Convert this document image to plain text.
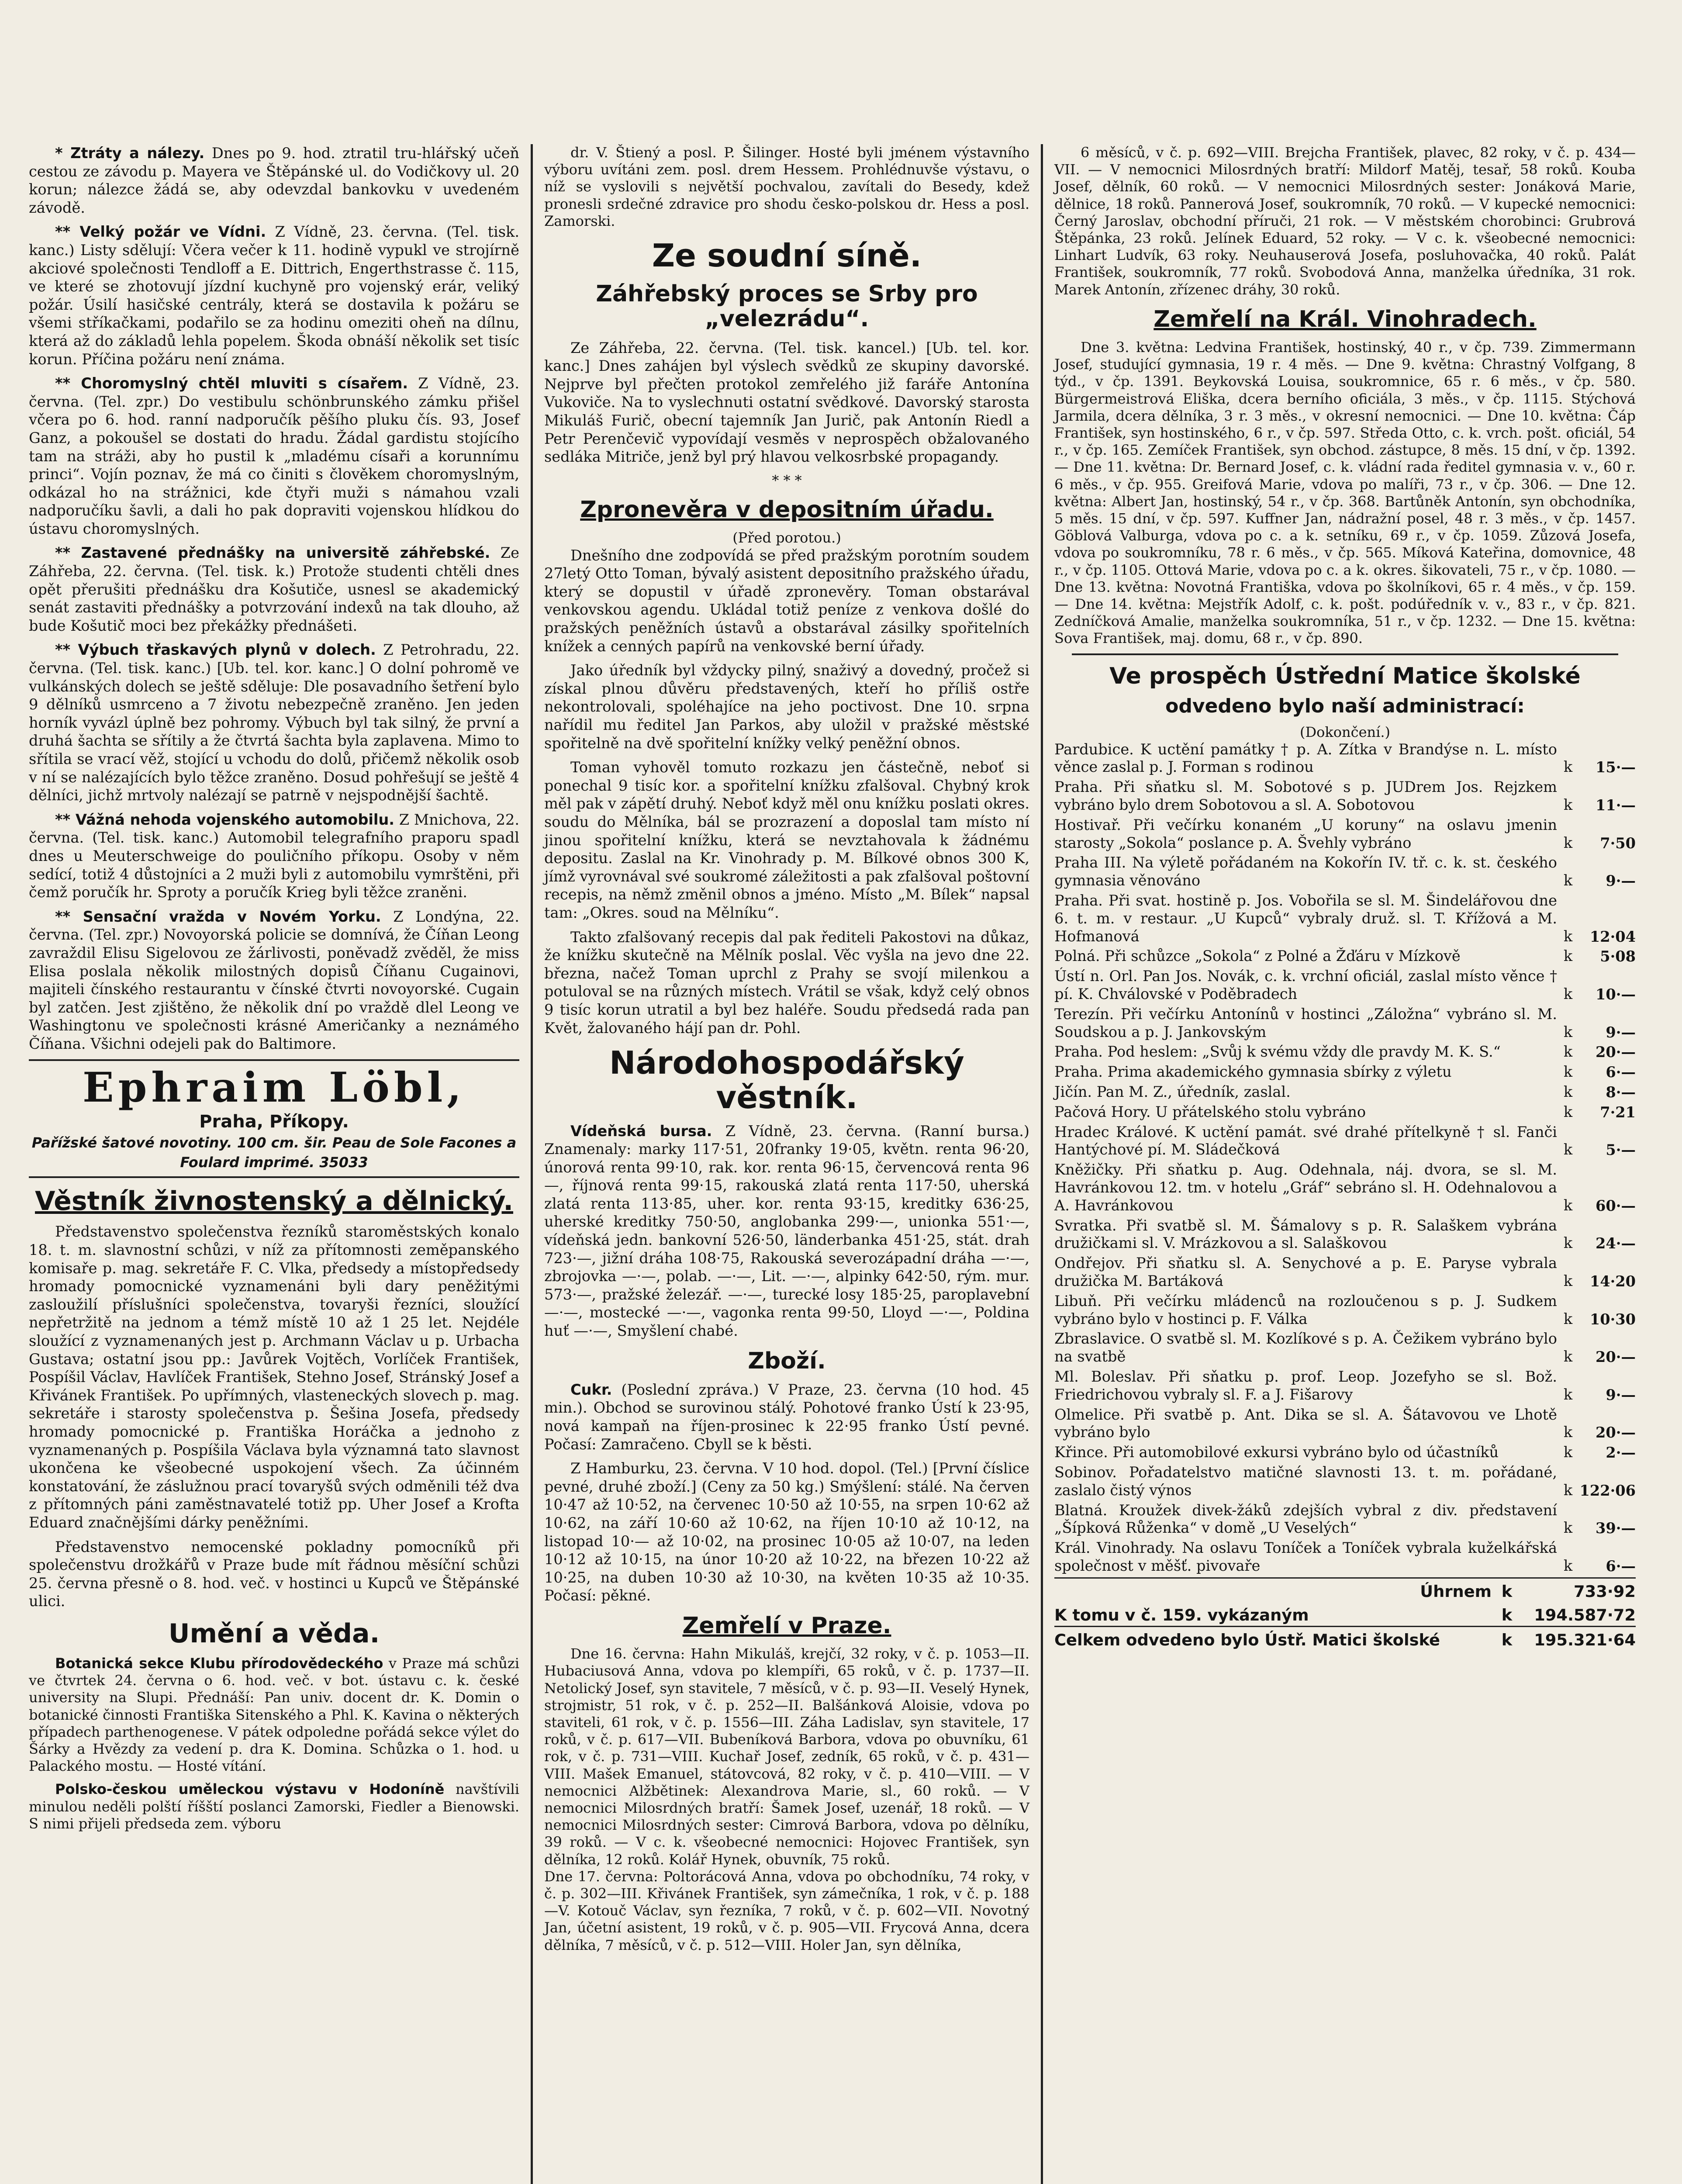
* Ztráty a nálezy. Dnes po 9. hod. ztratil tru-hlářský učeň cestou ze závodu p. Mayera ve Štěpánské ul. do Vodičkovy ul. 20 korun; nálezce žádá se, aby odevzdal bankovku v uvedeném závodě.

** Velký požár ve Vídni. Z Vídně, 23. června. (Tel. tisk. kanc.) Listy sdělují: Včera večer k 11. hodině vypukl ve strojírně akciové společnosti Tendloff a E. Dittrich, Engerthstrasse č. 115, ve které se zhotovují jízdní kuchyně pro vojenský erár, veliký požár. Úsilí hasičské centrály, která se dostavila k požáru se všemi stříkačkami, podařilo se za hodinu omeziti oheň na dílnu, která až do základů lehla popelem. Škoda obnáší několik set tisíc korun. Příčina požáru není známa.

** Choromyslný chtěl mluviti s císařem. Z Vídně, 23. června. (Tel. zpr.) Do vestibulu schönbrunského zámku přišel včera po 6. hod. ranní nadporučík pěšího pluku čís. 93, Josef Ganz, a pokoušel se dostati do hradu. Žádal gardistu stojícího tam na stráži, aby ho pustil k „mladému císaři a korunnímu princi“. Vojín poznav, že má co činiti s člověkem choromyslným, odkázal ho na strážnici, kde čtyři muži s námahou vzali nadporučíku šavli, a dali ho pak dopraviti vojenskou hlídkou do ústavu choromyslných.

** Zastavené přednášky na universitě záhřebské. Ze Záhřeba, 22. června. (Tel. tisk. k.) Protože studenti chtěli dnes opět přerušiti přednášku dra Košutiče, usnesl se akademický senát zastaviti přednášky a potvrzování indexů na tak dlouho, až bude Košutič moci bez překážky přednášeti.

** Výbuch třaskavých plynů v dolech. Z Petrohradu, 22. června. (Tel. tisk. kanc.) [Ub. tel. kor. kanc.] O dolní pohromě ve vulkánských dolech se ještě sděluje: Dle posavadního šetření bylo 9 dělníků usmrceno a 7 životu nebezpečně zraněno. Jen jeden horník vyvázl úplně bez pohromy. Výbuch byl tak silný, že první a druhá šachta se sřítily a že čtvrtá šachta byla zaplavena. Mimo to sřítila se vrací věž, stojící u vchodu do dolů, přičemž několik osob v ní se nalézajících bylo těžce zraněno. Dosud pohřešují se ještě 4 dělníci, jichž mrtvoly naléza​jí se patrně v nejspodnější šachtě.

** Vážná nehoda vojenského automobilu. Z Mnichova, 22. června. (Tel. tisk. kanc.) Automobil telegrafního praporu spadl dnes u Meuterschweige do pouličního příkopu. Osoby v něm sedící, totiž 4 důstojníci a 2 muži byli z automobilu vymrštěni, při čemž poručík hr. Sproty a poručík Krieg byli těžce zraněni.

** Sensační vražda v Novém Yorku. Z Londýna, 22. června. (Tel. zpr.) Novoyorská policie se domnívá, že Číňan Leong zavraždil Elisu Sigelovou ze žárlivosti, poněvadž zvěděl, že miss Elisa poslala několik milostných dopisů Číňanu Cugainovi, majiteli čínského restaurantu v čínské čtvrti novoyorské. Cugain byl zatčen. Jest zjištěno, že několik dní po vraždě dlel Leong ve Washingtonu ve společnosti krásné Američanky a neznámého Číňana. Všichni odejeli pak do Baltimore.

Ephraim Löbl,
Praha, Příkopy.
Pařížské šatové novotiny. 100 cm. šir. Peau de Sole Facones a Foulard imprimé. 35033
Věstník živnostenský a dělnický.

Představenstvo společenstva řezníků staroměstských konalo 18. t. m. slavnostní schůzi, v níž za přítomnosti zeměpanského komisaře p. mag. sekretáře F. C. Vlka, předsedy a místopředsedy hromady pomocnické vyznamenáni byli dary peněžitými zasloužilí příslušníci společenstva, tovaryši řezníci, sloužící nepřetržitě na jednom a témž místě 10 až 1 25 let. Nejdéle sloužící z vyznamenaných jest p. Archmann Václav u p. Urbacha Gustava; ostatní jsou pp.: Javůrek Vojtěch, Vorlíček František, Pospíšil Václav, Havlíček František, Stehno Josef, Stránský Josef a Křivánek František. Po upřímných, vlasteneckých slovech p. mag. sekretáře i starosty společenstva p. Šešina Josefa, předsedy hromady pomocnické p. Františka Horáčka a jednoho z vyznamenaných p. Pospíšila Václava byla významná tato slavnost ukončena ke všeobecné uspokojení všech. Za účinném konstatování, že záslužnou prací tovaryšů svých odměnili též dva z přítomných páni zaměstnavatelé totiž pp. Uher Josef a Krofta Eduard značnějšími dárky peněžními.

Představenstvo nemocenské pokladny pomocníků při společenstvu drožkářů v Praze bude mít řádnou měsíční schůzi 25. června přesně o 8. hod. več. v hostinci u Kupců ve Štěpánské ulici.

Umění a věda.

Botanická sekce Klubu přírodovědeckého v Praze má schůzi ve čtvrtek 24. června o 6. hod. več. v bot. ústavu c. k. české university na Slupi. Přednáší: Pan univ. docent dr. K. Domin o botanické činnosti Františka Sitenského a Phl. K. Kavina o některých případech parthenogenese. V pátek odpoledne pořádá sekce výlet do Šárky a Hvězdy za vedení p. dra K. Domina. Schůzka o 1. hod. u Palackého mostu. — Hosté vítání.

Polsko-českou uměleckou výstavu v Hodoníně navštívili minulou neděli polští říšští poslanci Zamorski, Fiedler a Bienowski. S nimi přijeli předseda zem. výboru

dr. V. Štiený a posl. P. Šilinger. Hosté byli jménem výstavního výboru uvítáni zem. posl. drem Hessem. Prohlédnuvše výstavu, o níž se vyslovili s největší pochvalou, zavítali do Besedy, kdež pronesli srdečné zdravice pro shodu česko-polskou dr. Hess a posl. Zamorski.

Ze soudní síně.
Záhřebský proces se Srby pro „velezrádu“.

Ze Záhřeba, 22. června. (Tel. tisk. kancel.) [Ub. tel. kor. kanc.] Dnes zahájen byl výslech svědků ze skupiny davorské. Nejprve byl přečten protokol zemřelého již faráře Antonína Vukoviče. Na to vyslechnuti ostatní svědkové. Davorský starosta Mikuláš Furič, obecní tajemník Jan Jurič, pak Antonín Riedl a Petr Perenčevič vypovídají vesměs v neprospěch obžalovaného sedláka Mitriče, jenž byl prý hlavou velkosrbské propagandy.

* * *
Zpronevěra v depositním úřadu.
(Před porotou.)

Dnešního dne zodpovídá se před pražským porotním soudem 27letý Otto Toman, bývalý asistent depositního pražského úřadu, který se dopustil v úřadě zpronevěry. Toman obstarával venkovskou agendu. Ukládal totiž peníze z venkova došlé do pražských peněžních ústavů a obstarával zásilky spořitelních knížek a cenných papírů na venkovské berní úřady.

Jako úředník byl vždycky pilný, snaživý a dovedný, pročež si získal plnou důvěru představených, kteří ho příliš ostře nekontrolovali, spoléhajíce na jeho poctivost. Dne 10. srpna nařídil mu ředitel Jan Parkos, aby uložil v pražské městské spořitelně na dvě spořitelní knížky velký peněžní obnos.

Toman vyhověl tomuto rozkazu jen částečně, neboť si ponechal 9 tisíc kor. a spořitelní knížku zfalšoval. Chybný krok měl pak v zápětí druhý. Neboť když měl onu knížku poslati okres. soudu do Mělníka, bál se prozrazení a doposlal tam místo ní jinou spořitelní knížku, která se nevztahovala k žádnému depositu. Zaslal na Kr. Vinohrady p. M. Bílkové obnos 300 K, jímž vyrovnával své soukromé záležitosti a pak zfalšoval poštovní recepis, na němž změnil obnos a jméno. Místo „M. Bílek“ napsal tam: „Okres. soud na Mělníku“.

Takto zfalšovaný recepis dal pak řediteli Pakostovi na důkaz, že knížku skutečně na Mělník poslal. Věc vyšla na jevo dne 22. března, načež Toman uprchl z Prahy se svojí milenkou a potuloval se na různých místech. Vrátil se však, když celý obnos 9 tisíc korun utratil a byl bez haléře. Soudu předsedá rada pan Květ, žalovaného hájí pan dr. Pohl.

Národohospodářský věstník.

Vídeňská bursa. Z Vídně, 23. června. (Ranní bursa.) Znamenaly: marky 117·51, 20franky 19·05, květn. renta 96·20, únorová renta 99·10, rak. kor. renta 96·15, červencová renta 96—, říjnová renta 99·15, rakouská zlatá renta 117·50, uherská zlatá renta 113·85, uher. kor. renta 93·15, kreditky 636·25, uherské kreditky 750·50, anglobanka 299·—, unionka 551·—, vídeňská jedn. bankovní 526·50, länderbanka 451·25, stát. drah 723·—, jižní dráha 108·75, Rakouská severozápadní dráha —·—, zbrojovka —·—, polab. —·—, Lit. —·—, alpinky 642·50, rým. mur. 573·—, pražské železář. —·—, turecké losy 185·25, paroplavební —·—, mostecké —·—, vagonka renta 99·50, Lloyd —·—, Poldina huť —·—, Smyšlení chabé.

Zboží.

Cukr. (Poslední zpráva.) V Praze, 23. června (10 hod. 45 min.). Obchod se surovinou stálý. Pohotové franko Ústí k 23·95, nová kampaň na říjen-prosinec k 22·95 franko Ústí pevné. Počasí: Zamračeno. Cbyll se k běsti.

Z Hamburku, 23. června. V 10 hod. dopol. (Tel.) [První číslice pevné, druhé zboží.] (Ceny za 50 kg.) Smýšlení: stálé. Na červen 10·47 až 10·52, na červenec 10·50 až 10·55, na srpen 10·62 až 10·62, na září 10·60 až 10·62, na říjen 10·10 až 10·12, na listopad 10·— až 10·02, na prosinec 10·05 až 10·07, na leden 10·12 až 10·15, na únor 10·20 až 10·22, na březen 10·22 až 10·25, na duben 10·30 až 10·30, na květen 10·35 až 10·35. Počasí: pěkné.

Zemřelí v Praze.

Dne 16. června: Hahn Mikuláš, krejčí, 32 roky, v č. p. 1053—II. Hubaciusová Anna, vdova po klempíři, 65 roků, v č. p. 1737—II. Netolický Josef, syn stavitele, 7 měsíců, v č. p. 93—II. Veselý Hynek, strojmistr, 51 rok, v č. p. 252—II. Balšánková Aloisie, vdova po staviteli, 61 rok, v č. p. 1556—III. Záha Ladislav, syn stavitele, 17 roků, v č. p. 617—VII. Bubeníková Barbora, vdova po obuvníku, 61 rok, v č. p. 731—VIII. Kuchař Josef, zedník, 65 roků, v č. p. 431—VIII. Mašek Emanuel, státovcová, 82 roky, v č. p. 410—VIII. — V nemocnici Alžbětinek: Alexandrova Marie, sl., 60 roků. — V nemocnici Milosrdných bratří: Šamek Josef, uzenář, 18 roků. — V nemocnici Milosrdných sester: Cimrová Barbora, vdova po dělníku, 39 roků. — V c. k. všeobecné nemocnici: Hojovec František, syn dělníka, 12 roků. Kolář Hynek, obuvník, 75 roků.
Dne 17. června: Poltorácová Anna, vdova po obchodníku, 74 roky, v č. p. 302—III. Křivánek František, syn zámečníka, 1 rok, v č. p. 188—V. Kotouč Václav, syn řezníka, 7 roků, v č. p. 602—VII. Novotný Jan, účetní asistent, 19 roků, v č. p. 905—VII. Frycová Anna, dcera dělníka, 7 měsíců, v č. p. 512—VIII. Holer Jan, syn dělníka,

6 měsíců, v č. p. 692—VIII. Brejcha František, plavec, 82 roky, v č. p. 434—VII. — V nemocnici Milosrdných bratří: Mildorf Matěj, tesař, 58 roků. Kouba Josef, dělník, 60 roků. — V nemocnici Milosrdných sester: Jonáková Marie, dělnice, 18 roků. Pannerová Josef, soukromník, 70 roků. — V kupecké nemocnici: Černý Jaroslav, obchodní příruči, 21 rok. — V městském chorobinci: Grubrová Štěpánka, 23 roků. Jelínek Eduard, 52 roky. — V c. k. všeobecné nemocnici: Linhart Ludvík, 63 roky. Neuhauserová Josefa, posluhovačka, 40 roků. Palát František, soukromník, 77 roků. Svobodová Anna, manželka úředníka, 31 rok. Marek Antonín, zřízenec dráhy, 30 roků.

Zemřelí na Král. Vinohradech.

Dne 3. května: Ledvina František, hostinský, 40 r., v čp. 739. Zimmermann Josef, studující gymnasia, 19 r. 4 měs. — Dne 9. května: Chrastný Volfgang, 8 týd., v čp. 1391. Beykovská Louisa, soukromnice, 65 r. 6 měs., v čp. 580. Bürgermeistrová Eliška, dcera berního oficiála, 3 měs., v čp. 1115. Stýchová Jarmila, dcera dělníka, 3 r. 3 měs., v okresní nemocnici. — Dne 10. května: Čáp František, syn hostinského, 6 r., v čp. 597. Středa Otto, c. k. vrch. pošt. oficiál, 54 r., v čp. 165. Zemíček František, syn obchod. zástupce, 8 měs. 15 dní, v čp. 1392. — Dne 11. května: Dr. Bernard Josef, c. k. vládní rada ředitel gymnasia v. v., 60 r. 6 měs., v čp. 955. Greifová Marie, vdova po malíři, 73 r., v čp. 306. — Dne 12. května: Albert Jan, hostinský, 54 r., v čp. 368. Bartůněk Antonín, syn obchodníka, 5 měs. 15 dní, v čp. 597. Kuffner Jan, nádražní posel, 48 r. 3 měs., v čp. 1457. Göblová Valburga, vdova po c. a k. setníku, 69 r., v čp. 1059. Zůzová Josefa, vdova po soukromníku, 78 r. 6 měs., v čp. 565. Míková Kateřina, domovnice, 48 r., v čp. 1105. Ottová Marie, vdova po c. a k. okres. šikovateli, 75 r., v čp. 1080. — Dne 13. května: Novotná Františka, vdova po školníkovi, 65 r. 4 měs., v čp. 159. — Dne 14. května: Mejstřík Adolf, c. k. pošt. podúředník v. v., 83 r., v čp. 821. Zedníčková Amalie, manželka soukromníka, 51 r., v čp. 1232. — Dne 15. května: Sova František, maj. domu, 68 r., v čp. 890.

Ve prospěch Ústřední Matice školské
odvedeno bylo naší administrací:
(Dokončení.)
Pardubice. K uctění památky † p. A. Zítka v Brandýse n. L. místo věnce zaslal p. J. Forman s rodinou	k	15·—
Praha. Při sňatku sl. M. Sobotové s p. JUDrem Jos. Rejzkem vybráno bylo drem Sobotovou a sl. A. Sobotovou	k	11·—
Hostivař. Při večírku konaném „U koruny“ na oslavu jmenin starosty „Sokola“ poslance p. A. Švehly vybráno	k	7·50
Praha III. Na výletě pořádaném na Kokořín IV. tř. c. k. st. českého gymnasia věnováno	k	9·—
Praha. Při svat. hostině p. Jos. Vobořila se sl. M. Šindelářovou dne 6. t. m. v restaur. „U Kupců“ vybraly druž. sl. T. Křížová a M. Hofmanová	k	12·04
Polná. Při schůzce „Sokola“ z Polné a Žďáru v Mízkově	k	5·08
Ústí n. Orl. Pan Jos. Novák, c. k. vrchní oficiál, zaslal místo věnce † pí. K. Chválovské v Poděbradech	k	10·—
Terezín. Při večírku Antonínů v hostinci „Záložna“ vybráno sl. M. Soudskou a p. J. Jankovským	k	9·—
Praha. Pod heslem: „Svůj k svému vždy dle pravdy M. K. S.“	k	20·—
Praha. Prima akademického gymnasia sbírky z výletu	k	6·—
Jičín. Pan M. Z., úředník, zaslal.	k	8·—
Pačová Hory. U přátelského stolu vybráno	k	7·21
Hradec Králové. K uctění památ. své drahé přítelkyně † sl. Fanči Hantýchové pí. M. Sládečková	k	5·—
Kněžičky. Při sňatku p. Aug. Odehnala, náj. dvora, se sl. M. Havránkovou 12. tm. v hotelu „Gráf“ sebráno sl. H. Odehnalovou a A. Havránkovou	k	60·—
Svratka. Při svatbě sl. M. Šámalovy s p. R. Salaškem vybrána družičkami sl. V. Mrázkovou a sl. Salaškovou	k	24·—
Ondřejov. Při sňatku sl. A. Senychové a p. E. Paryse vybrala družička M. Bartáková	k	14·20
Libuň. Při večírku mládenců na rozloučenou s p. J. Sudkem vybráno bylo v hostinci p. F. Válka	k	10·30
Zbraslavice. O svatbě sl. M. Kozlíkové s p. A. Čežikem vybráno bylo na svatbě	k	20·—
Ml. Boleslav. Při sňatku p. prof. Leop. Jozefyho se sl. Bož. Friedrichovou vybraly sl. F. a J. Fišarovy	k	9·—
Olmelice. Při svatbě p. Ant. Dika se sl. A. Šátavovou ve Lhotě vybráno bylo	k	20·—
Křince. Při automobilové exkursi vybráno bylo od účastníků	k	2·—
Sobinov. Pořadatelstvo matičné slavnosti 13. t. m. pořádané, zaslalo čistý výnos	k 122·06
Blatná. Kroužek divek-žáků zdejších vybral z div. představení „Šípková Růženka“ v domě „U Veselých“	k	39·—
Král. Vinohrady. Na oslavu Toníček a Toníček vybrala kuželkářská společnost v měšť. pivovaře	k	6·—
Úhrnem k	733·92
K tomu v č. 159. vykázaným	k	194.587·72
Celkem odvedeno bylo Ústř. Matici školské	k	195.321·64
